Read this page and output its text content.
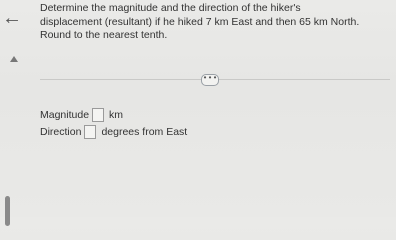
← Determine the magnitude and the direction of the hiker's
displacement (resultant) if he hiked 7 km East and then 65 km North.
Round to the nearest tenth.
• • •
Magnitude km
Direction degrees from East
